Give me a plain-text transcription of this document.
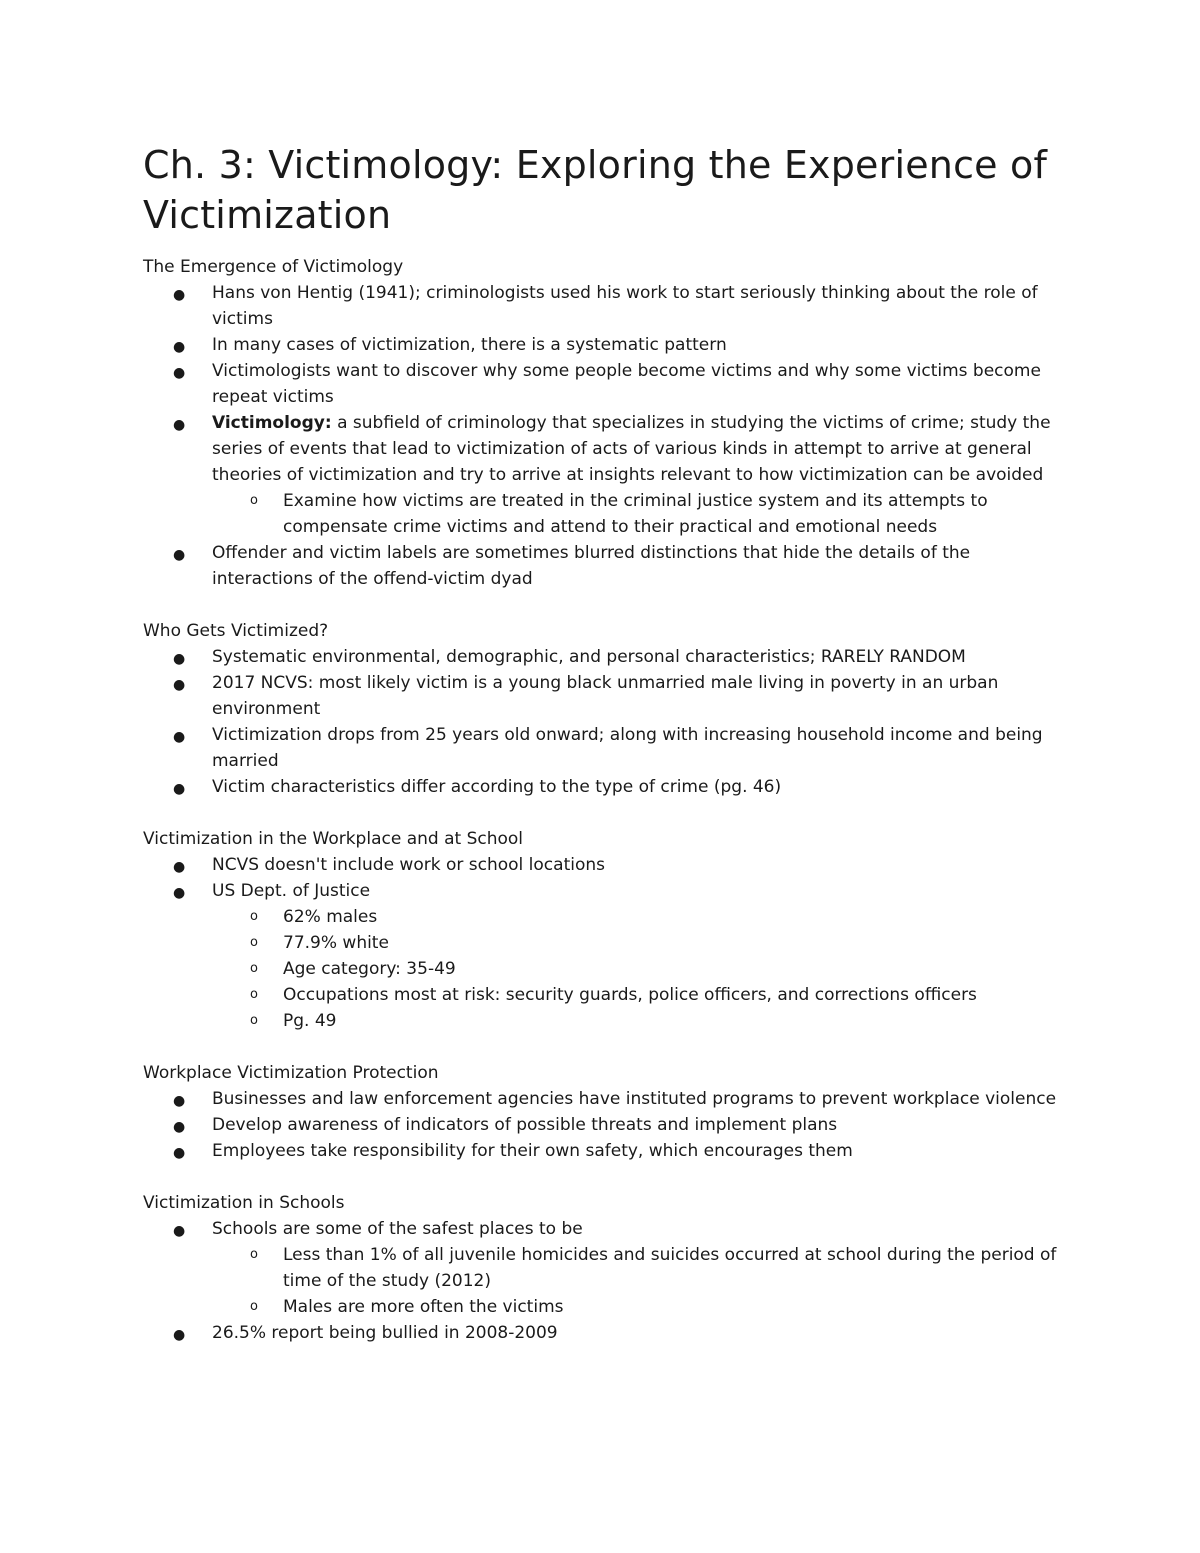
Ch. 3: Victimology: Exploring the Experience of Victimization

The Emergence of Victimology

● Hans von Hentig (1941); criminologists used his work to start seriously thinking about the role of victims
● In many cases of victimization, there is a systematic pattern
● Victimologists want to discover why some people become victims and why some victims become repeat victims
● Victimology: a subfield of criminology that specializes in studying the victims of crime; study the series of events that lead to victimization of acts of various kinds in attempt to arrive at general theories of victimization and try to arrive at insights relevant to how victimization can be avoided
o Examine how victims are treated in the criminal justice system and its attempts to compensate crime victims and attend to their practical and emotional needs
● Offender and victim labels are sometimes blurred distinctions that hide the details of the interactions of the offend-victim dyad

Who Gets Victimized?

● Systematic environmental, demographic, and personal characteristics; RARELY RANDOM
● 2017 NCVS: most likely victim is a young black unmarried male living in poverty in an urban environment
● Victimization drops from 25 years old onward; along with increasing household income and being married
● Victim characteristics differ according to the type of crime (pg. 46)

Victimization in the Workplace and at School

● NCVS doesn't include work or school locations
● US Dept. of Justice
o 62% males
o 77.9% white
o Age category: 35-49
o Occupations most at risk: security guards, police officers, and corrections officers
o Pg. 49

Workplace Victimization Protection

● Businesses and law enforcement agencies have instituted programs to prevent workplace violence
● Develop awareness of indicators of possible threats and implement plans
● Employees take responsibility for their own safety, which encourages them

Victimization in Schools

● Schools are some of the safest places to be
o Less than 1% of all juvenile homicides and suicides occurred at school during the period of time of the study (2012)
o Males are more often the victims
● 26.5% report being bullied in 2008-2009
